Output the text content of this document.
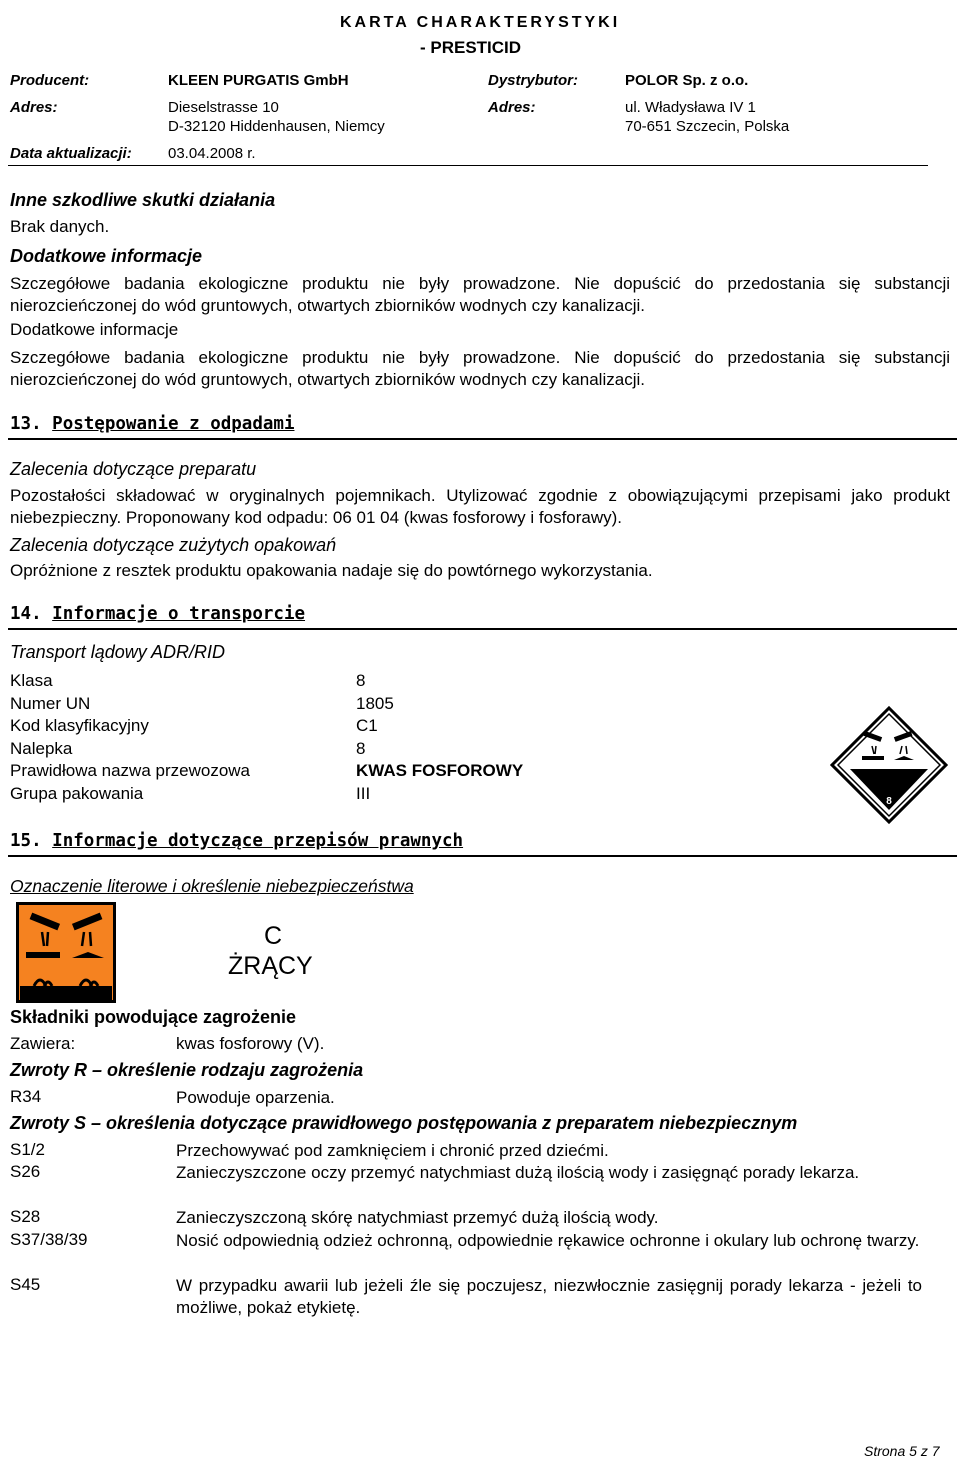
KARTA CHARAKTERYSTYKI
- PRESTICID
Producent:	KLEEN PURGATIS GmbH	Dystrybutor:	POLOR Sp. z o.o.
Adres:	Dieselstrasse 10
D-32120 Hiddenhausen, Niemcy
Adres:	ul. Władysława IV 1
70-651 Szczecin, Polska
Data aktualizacji: 03.04.2008 r.
Inne szkodliwe skutki działania
Brak danych.
Dodatkowe informacje
Szczegółowe badania ekologiczne produktu nie były prowadzone. Nie dopuścić do przedostania się substancji nierozcieńczonej do wód gruntowych, otwartych zbiorników wodnych czy kanalizacji.
Dodatkowe informacje
Szczegółowe badania ekologiczne produktu nie były prowadzone. Nie dopuścić do przedostania się substancji nierozcieńczonej do wód gruntowych, otwartych zbiorników wodnych czy kanalizacji.
13. Postępowanie z odpadami
Zalecenia dotyczące preparatu
Pozostałości składować w oryginalnych pojemnikach. Utylizować zgodnie z obowiązującymi przepisami jako produkt niebezpieczny. Proponowany kod odpadu: 06 01 04 (kwas fosforowy i fosforawy).
Zalecenia dotyczące zużytych opakowań
Opróżnione z resztek produktu opakowania nadaje się do powtórnego wykorzystania.
14. Informacje o transporcie
Transport lądowy ADR/RID
Klasa	8
Numer UN	1805
Kod klasyfikacyjny	C1
Nalepka	8
Prawidłowa nazwa przewozowa	KWAS FOSFOROWY
Grupa pakowania	III	8
15. Informacje dotyczące przepisów prawnych
Oznaczenie literowe i określenie niebezpieczeństwa
C
ŻRĄCY
Składniki powodujące zagrożenie
Zawiera:	kwas fosforowy (V).
Zwroty R – określenie rodzaju zagrożenia
R34	Powoduje oparzenia.
Zwroty S – określenia dotyczące prawidłowego postępowania z preparatem niebezpiecznym
S1/2	Przechowywać pod zamknięciem i chronić przed dziećmi.
S26	Zanieczyszczone oczy przemyć natychmiast dużą ilością wody i zasięgnąć porady lekarza.
S28	Zanieczyszczoną skórę natychmiast przemyć dużą ilością wody.
S37/38/39	Nosić odpowiednią odzież ochronną, odpowiednie rękawice ochronne i okulary lub ochronę twarzy.
S45	W przypadku awarii lub jeżeli źle się poczujesz, niezwłocznie zasięgnij porady lekarza - jeżeli to możliwe, pokaż etykietę.
Strona 5 z 7
